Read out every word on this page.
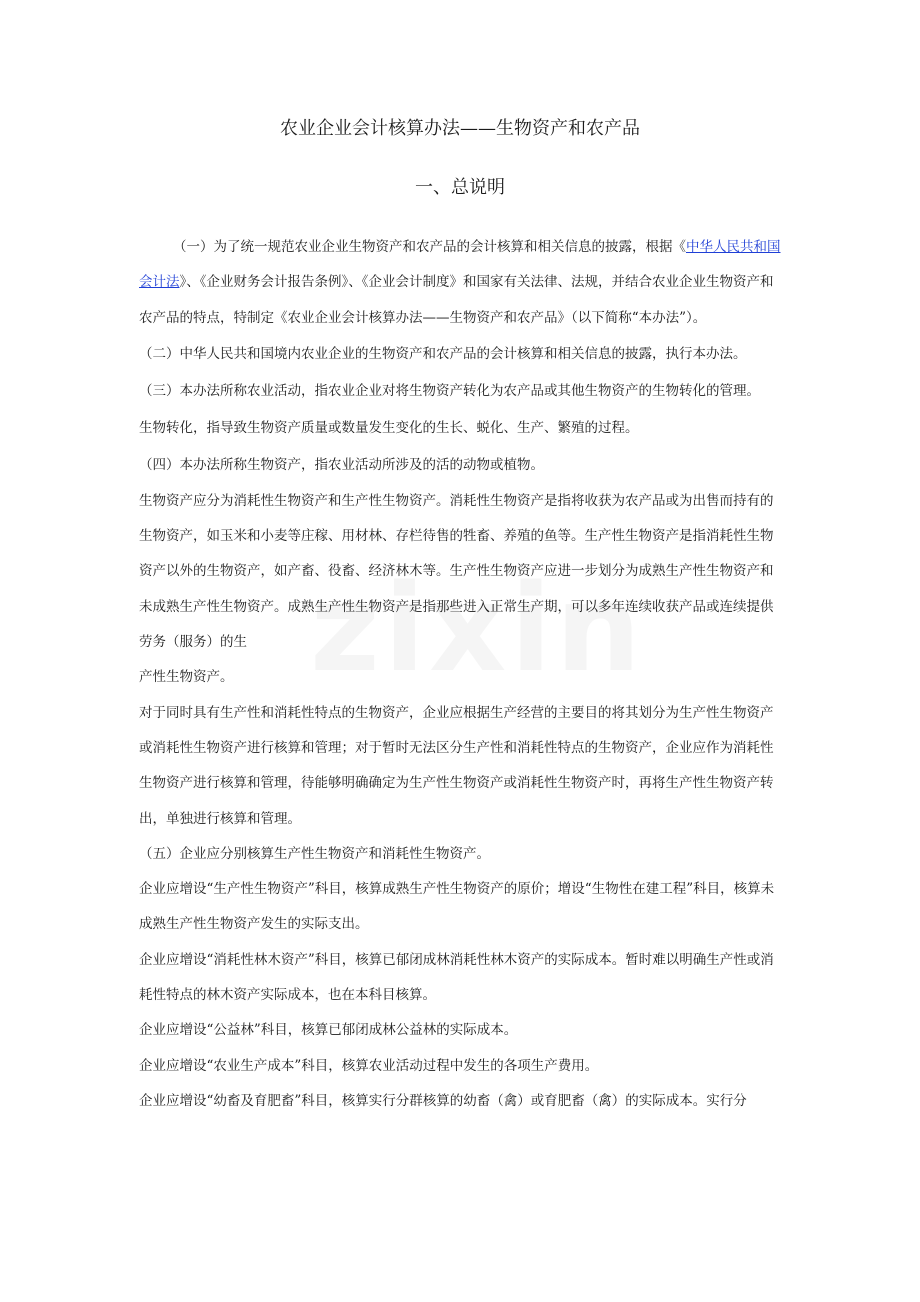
农业企业会计核算办法——生物资产和农产品
一、总说明

（一）为了统一规范农业企业生物资产和农产品的会计核算和相关信息的披露，根据《中华人民共和国会计法》、《企业财务会计报告条例》、《企业会计制度》和国家有关法律、法规，并结合农业企业生物资产和农产品的特点，特制定《农业企业会计核算办法——生物资产和农产品》（以下简称“本办法”）。

（二）中华人民共和国境内农业企业的生物资产和农产品的会计核算和相关信息的披露，执行本办法。

（三）本办法所称农业活动，指农业企业对将生物资产转化为农产品或其他生物资产的生物转化的管理。

生物转化，指导致生物资产质量或数量发生变化的生长、蜕化、生产、繁殖的过程。

（四）本办法所称生物资产，指农业活动所涉及的活的动物或植物。

生物资产应分为消耗性生物资产和生产性生物资产。消耗性生物资产是指将收获为农产品或为出售而持有的生物资产，如玉米和小麦等庄稼、用材林、存栏待售的牲畜、养殖的鱼等。生产性生物资产是指消耗性生物资产以外的生物资产，如产畜、役畜、经济林木等。生产性生物资产应进一步划分为成熟生产性生物资产和未成熟生产性生物资产。成熟生产性生物资产是指那些进入正常生产期，可以多年连续收获产品或连续提供劳务（服务）的生

产性生物资产。

对于同时具有生产性和消耗性特点的生物资产，企业应根据生产经营的主要目的将其划分为生产性生物资产或消耗性生物资产进行核算和管理；对于暂时无法区分生产性和消耗性特点的生物资产，企业应作为消耗性生物资产进行核算和管理，待能够明确确定为生产性生物资产或消耗性生物资产时，再将生产性生物资产转出，单独进行核算和管理。

（五）企业应分别核算生产性生物资产和消耗性生物资产。

企业应增设“生产性生物资产”科目，核算成熟生产性生物资产的原价；增设“生物性在建工程”科目，核算未成熟生产性生物资产发生的实际支出。

企业应增设“消耗性林木资产”科目，核算已郁闭成林消耗性林木资产的实际成本。暂时难以明确生产性或消耗性特点的林木资产实际成本，也在本科目核算。

企业应增设“公益林”科目，核算已郁闭成林公益林的实际成本。

企业应增设“农业生产成本”科目，核算农业活动过程中发生的各项生产费用。

企业应增设“幼畜及育肥畜”科目，核算实行分群核算的幼畜（禽）或育肥畜（禽）的实际成本。实行分
